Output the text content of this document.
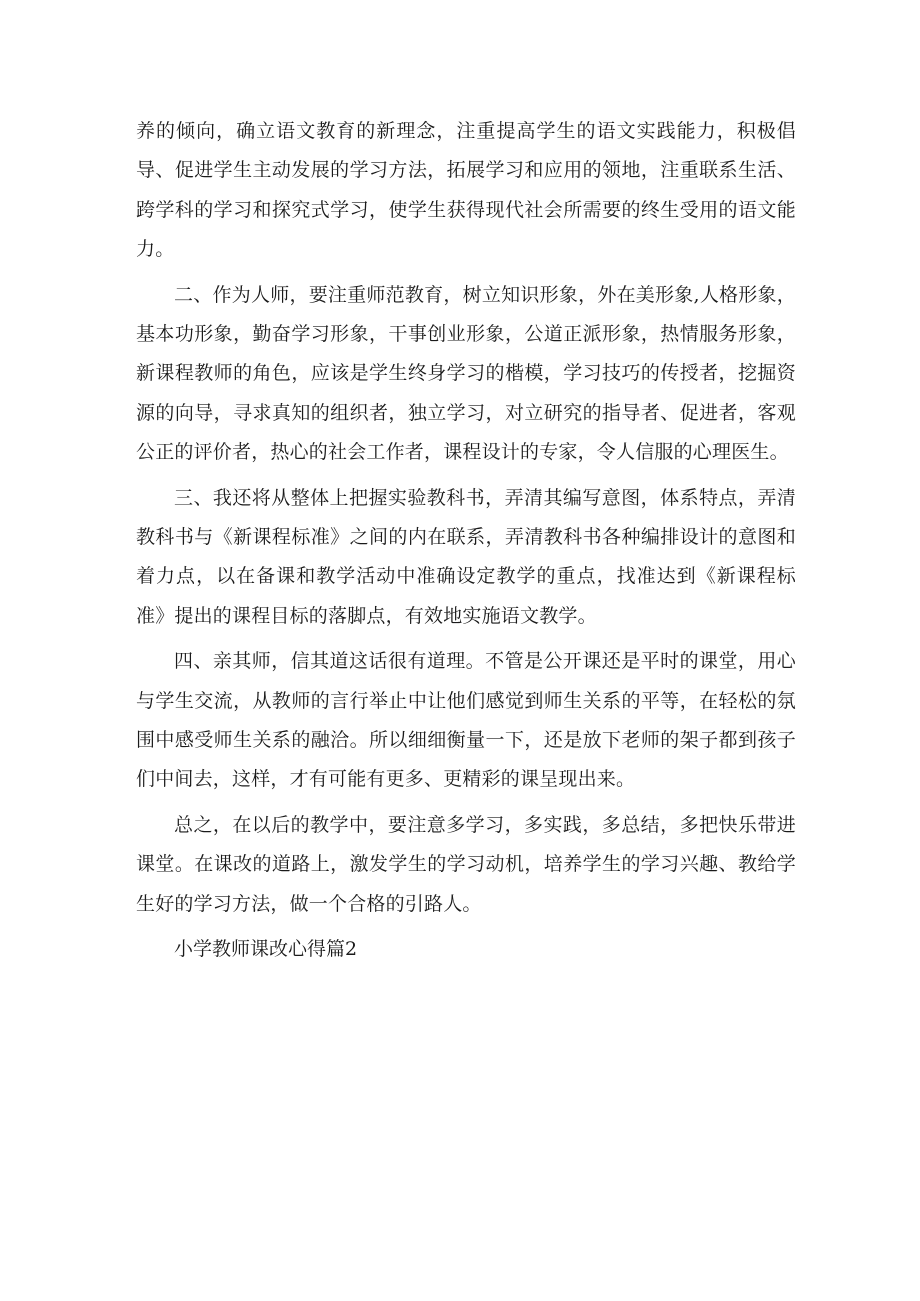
养的倾向，确立语文教育的新理念，注重提高学生的语文实践能力，积极倡导、促进学生主动发展的学习方法，拓展学习和应用的领地，注重联系生活、跨学科的学习和探究式学习，使学生获得现代社会所需要的终生受用的语文能力。

二、作为人师，要注重师范教育，树立知识形象，外在美形象,人格形象，基本功形象，勤奋学习形象，干事创业形象，公道正派形象，热情服务形象，新课程教师的角色，应该是学生终身学习的楷模，学习技巧的传授者，挖掘资源的向导，寻求真知的组织者，独立学习，对立研究的指导者、促进者，客观公正的评价者，热心的社会工作者，课程设计的专家，令人信服的心理医生。

三、我还将从整体上把握实验教科书，弄清其编写意图，体系特点，弄清教科书与《新课程标准》之间的内在联系，弄清教科书各种编排设计的意图和着力点，以在备课和教学活动中准确设定教学的重点，找准达到《新课程标准》提出的课程目标的落脚点，有效地实施语文教学。

四、亲其师，信其道这话很有道理。不管是公开课还是平时的课堂，用心与学生交流，从教师的言行举止中让他们感觉到师生关系的平等，在轻松的氛围中感受师生关系的融洽。所以细细衡量一下，还是放下老师的架子都到孩子们中间去，这样，才有可能有更多、更精彩的课呈现出来。

总之，在以后的教学中，要注意多学习，多实践，多总结，多把快乐带进课堂。在课改的道路上，激发学生的学习动机，培养学生的学习兴趣、教给学生好的学习方法，做一个合格的引路人。

小学教师课改心得篇2
